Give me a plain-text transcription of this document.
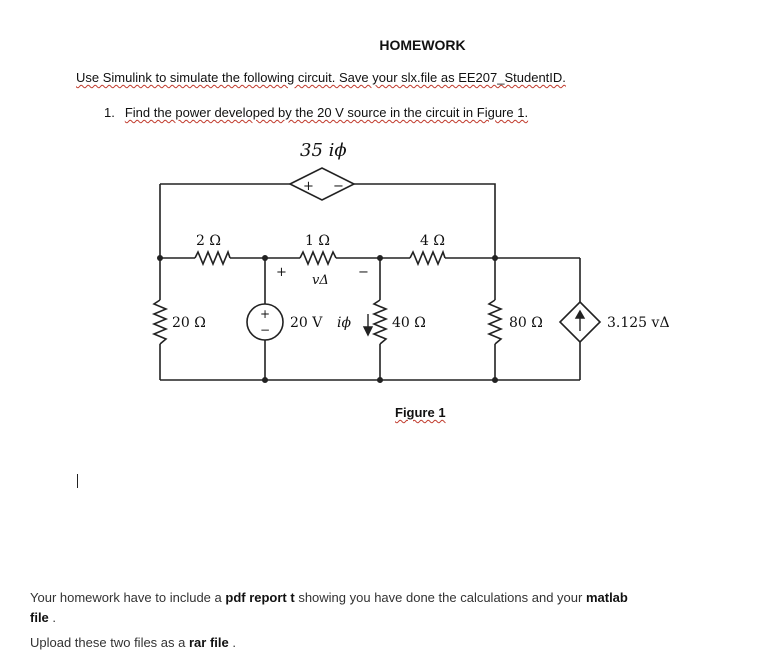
HOMEWORK
Use Simulink to simulate the following circuit. Save your slx.file as EE207_StudentID.
1. Find the power developed by the 20 V source in the circuit in Figure 1.
35 iϕ
+ −
2 Ω	1 Ω	4 Ω
+
vΔ
−
+
−
20 Ω	20 V iϕ	40 Ω	80 Ω	3.125 vΔ
Figure 1
Your homework have to include a pdf report t showing you have done the calculations and your matlab
file .
Upload these two files as a rar file .
